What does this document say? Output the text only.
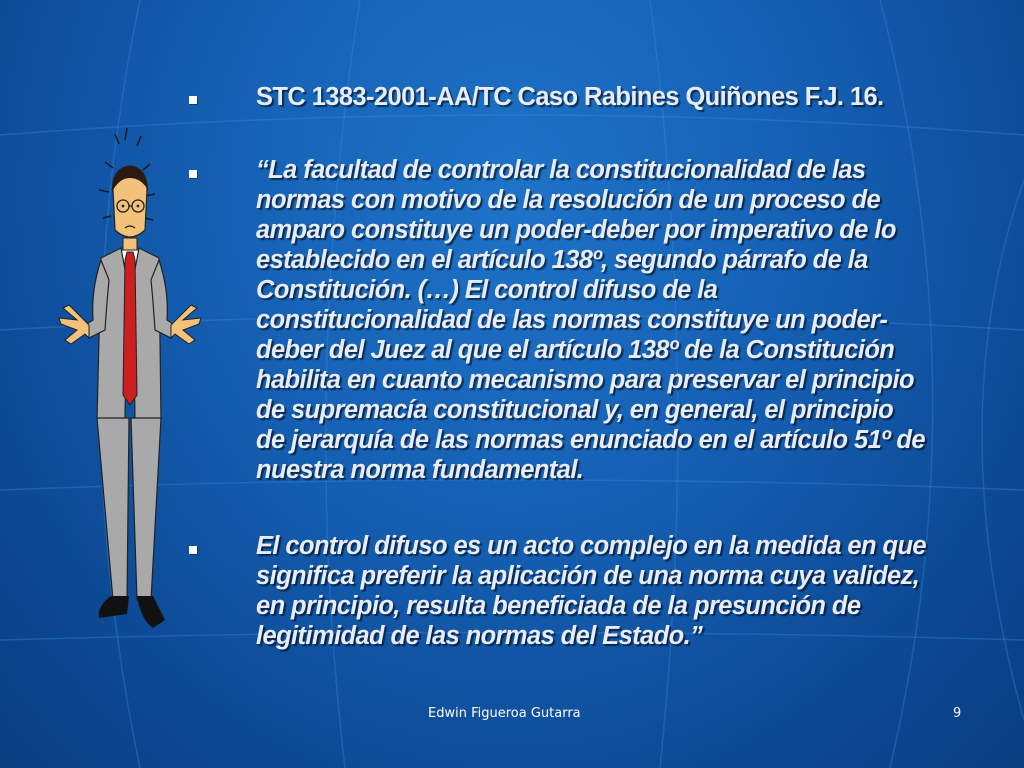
STC 1383-2001-AA/TC Caso Rabines Quiñones F.J. 16.

“La facultad de controlar la constitucionalidad de las
normas con motivo de la resolución de un proceso de
amparo constituye un poder-deber por imperativo de lo
establecido en el artículo 138º, segundo párrafo de la
Constitución. (…) El control difuso de la
constitucionalidad de las normas constituye un poder-
deber del Juez al que el artículo 138º de la Constitución
habilita en cuanto mecanismo para preservar el principio
de supremacía constitucional y, en general, el principio
de jerarquía de las normas enunciado en el artículo 51º de
nuestra norma fundamental.
El control difuso es un acto complejo en la medida en que
significa preferir la aplicación de una norma cuya validez,
en principio, resulta beneficiada de la presunción de
legitimidad de las normas del Estado.”
Edwin Figueroa Gutarra	9
